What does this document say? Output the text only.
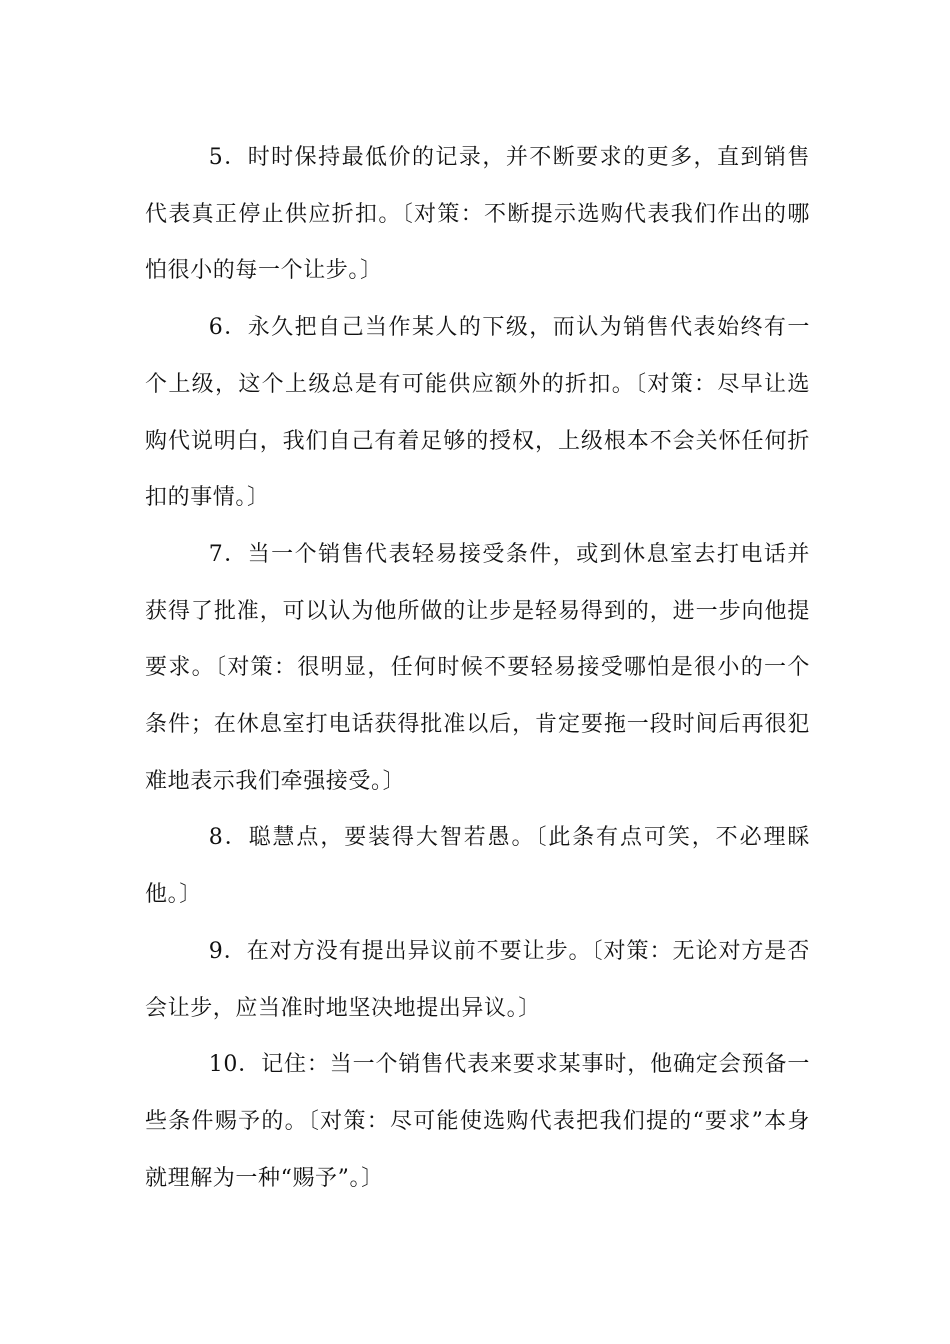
5．时时保持最低价的记录，并不断要求的更多，直到销售代表真正停止供应折扣。〔对策：不断提示选购代表我们作出的哪怕很小的每一个让步。〕

6．永久把自己当作某人的下级，而认为销售代表始终有一个上级，这个上级总是有可能供应额外的折扣。〔对策：尽早让选购代说明白，我们自己有着足够的授权，上级根本不会关怀任何折扣的事情。〕

7．当一个销售代表轻易接受条件，或到休息室去打电话并获得了批准，可以认为他所做的让步是轻易得到的，进一步向他提要求。〔对策：很明显，任何时候不要轻易接受哪怕是很小的一个条件；在休息室打电话获得批准以后，肯定要拖一段时间后再很犯难地表示我们牵强接受。〕

8．聪慧点，要装得大智若愚。〔此条有点可笑，不必理睬他。〕

9．在对方没有提出异议前不要让步。〔对策：无论对方是否会让步，应当准时地坚决地提出异议。〕

10．记住：当一个销售代表来要求某事时，他确定会预备一些条件赐予的。〔对策：尽可能使选购代表把我们提的“要求”本身就理解为一种“赐予”。〕
